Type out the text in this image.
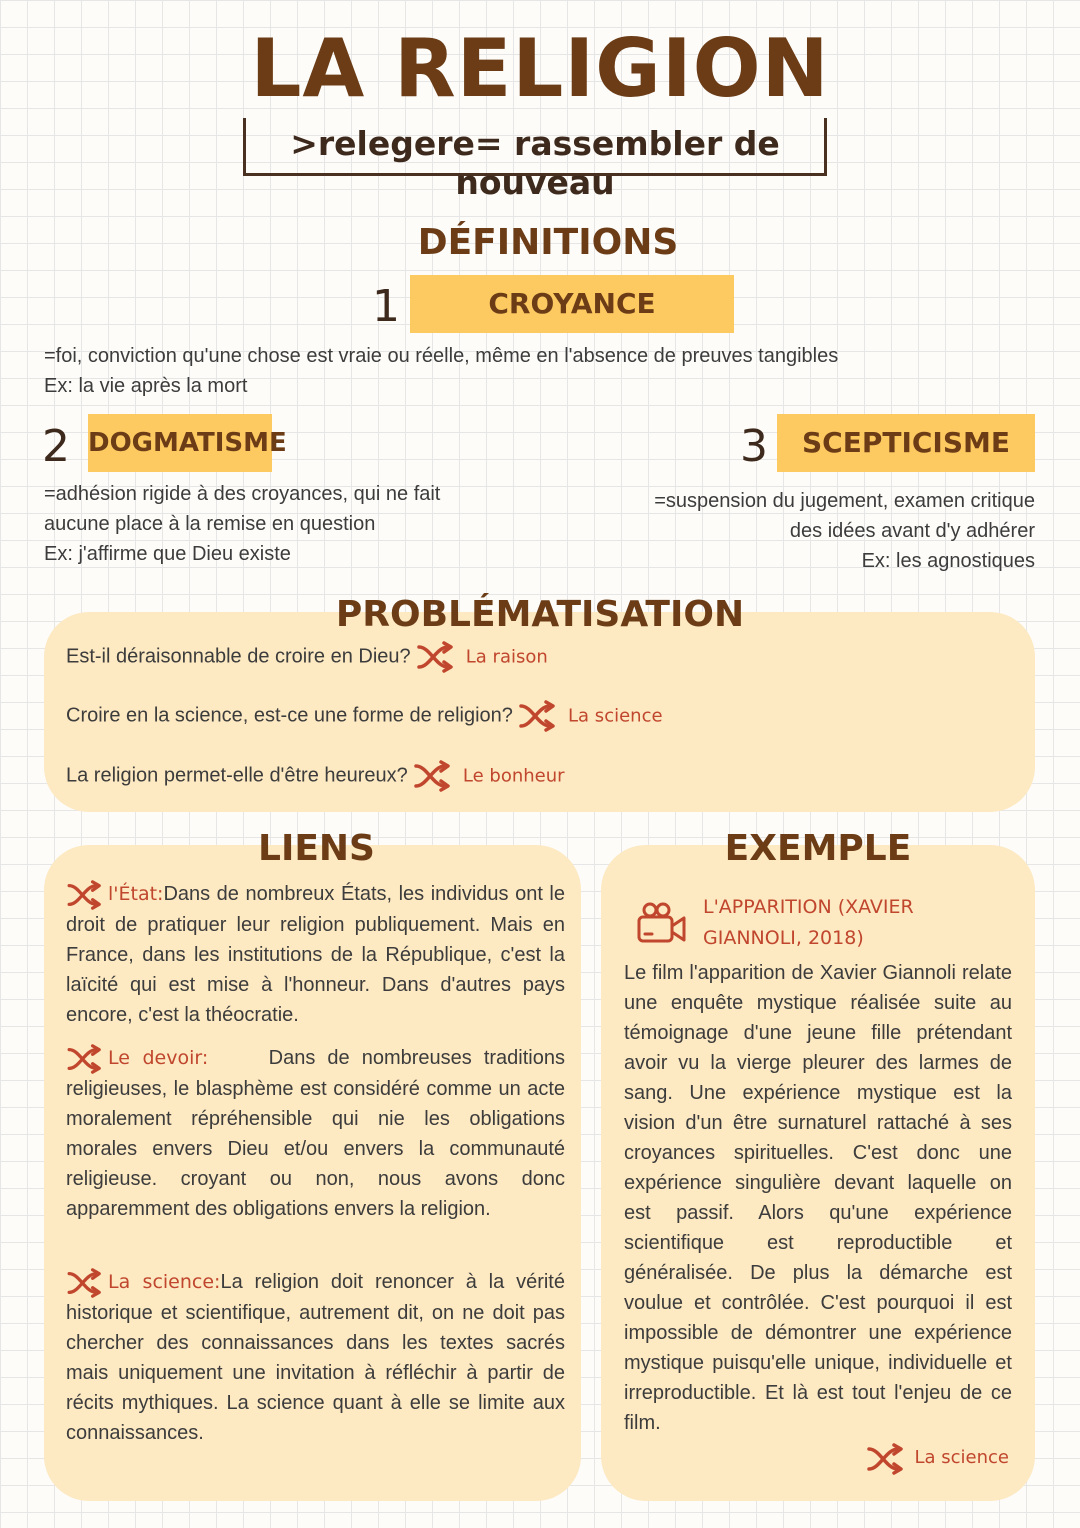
LA RELIGION
>relegere= rassembler de nouveau
DÉFINITIONS
1	CROYANCE
=foi, conviction qu'une chose est vraie ou réelle, même en l'absence de preuves tangibles
Ex: la vie après la mort
2 DOGMATISME
=adhésion rigide à des croyances, qui ne fait
aucune place à la remise en question
Ex: j'affirme que Dieu existe
3	SCEPTICISME
=suspension du jugement, examen critique
des idées avant d'y adhérer
Ex: les agnostiques
PROBLÉMATISATION
Est-il déraisonnable de croire en Dieu?	La raison
Croire en la science, est-ce une forme de religion?	La science
La religion permet-elle d'être heureux?	Le bonheur
LIENS
l'État:Dans de nombreux États, les individus ont le droit de pratiquer leur religion publiquement. Mais en France, dans les institutions de la République, c'est la laïcité qui est mise à l'honneur. Dans d'autres pays encore, c'est la théocratie.
Le devoir:	Dans de nombreuses traditions religieuses, le blasphème est considéré comme un acte moralement répréhensible qui nie les obligations morales envers Dieu et/ou envers la communauté religieuse. croyant ou non, nous avons donc apparemment des obligations envers la religion.
La science:La religion doit renoncer à la vérité historique et scientifique, autrement dit, on ne doit pas chercher des connaissances dans les textes sacrés mais uniquement une invitation à réfléchir à partir de récits mythiques. La science quant à elle se limite aux connaissances.
EXEMPLE
L'APPARITION (XAVIER GIANNOLI, 2018)
Le film l'apparition de Xavier Giannoli relate une enquête mystique réalisée suite au témoignage d'une jeune fille prétendant avoir vu la vierge pleurer des larmes de sang. Une expérience mystique est la vision d'un être surnaturel rattaché à ses croyances spirituelles. C'est donc une expérience singulière devant laquelle on est passif. Alors qu'une expérience scientifique est reproductible et généralisée. De plus la démarche est voulue et contrôlée. C'est pourquoi il est impossible de démontrer une expérience mystique puisqu'elle unique, individuelle et irreproductible. Et là est tout l'enjeu de ce film.
La science
